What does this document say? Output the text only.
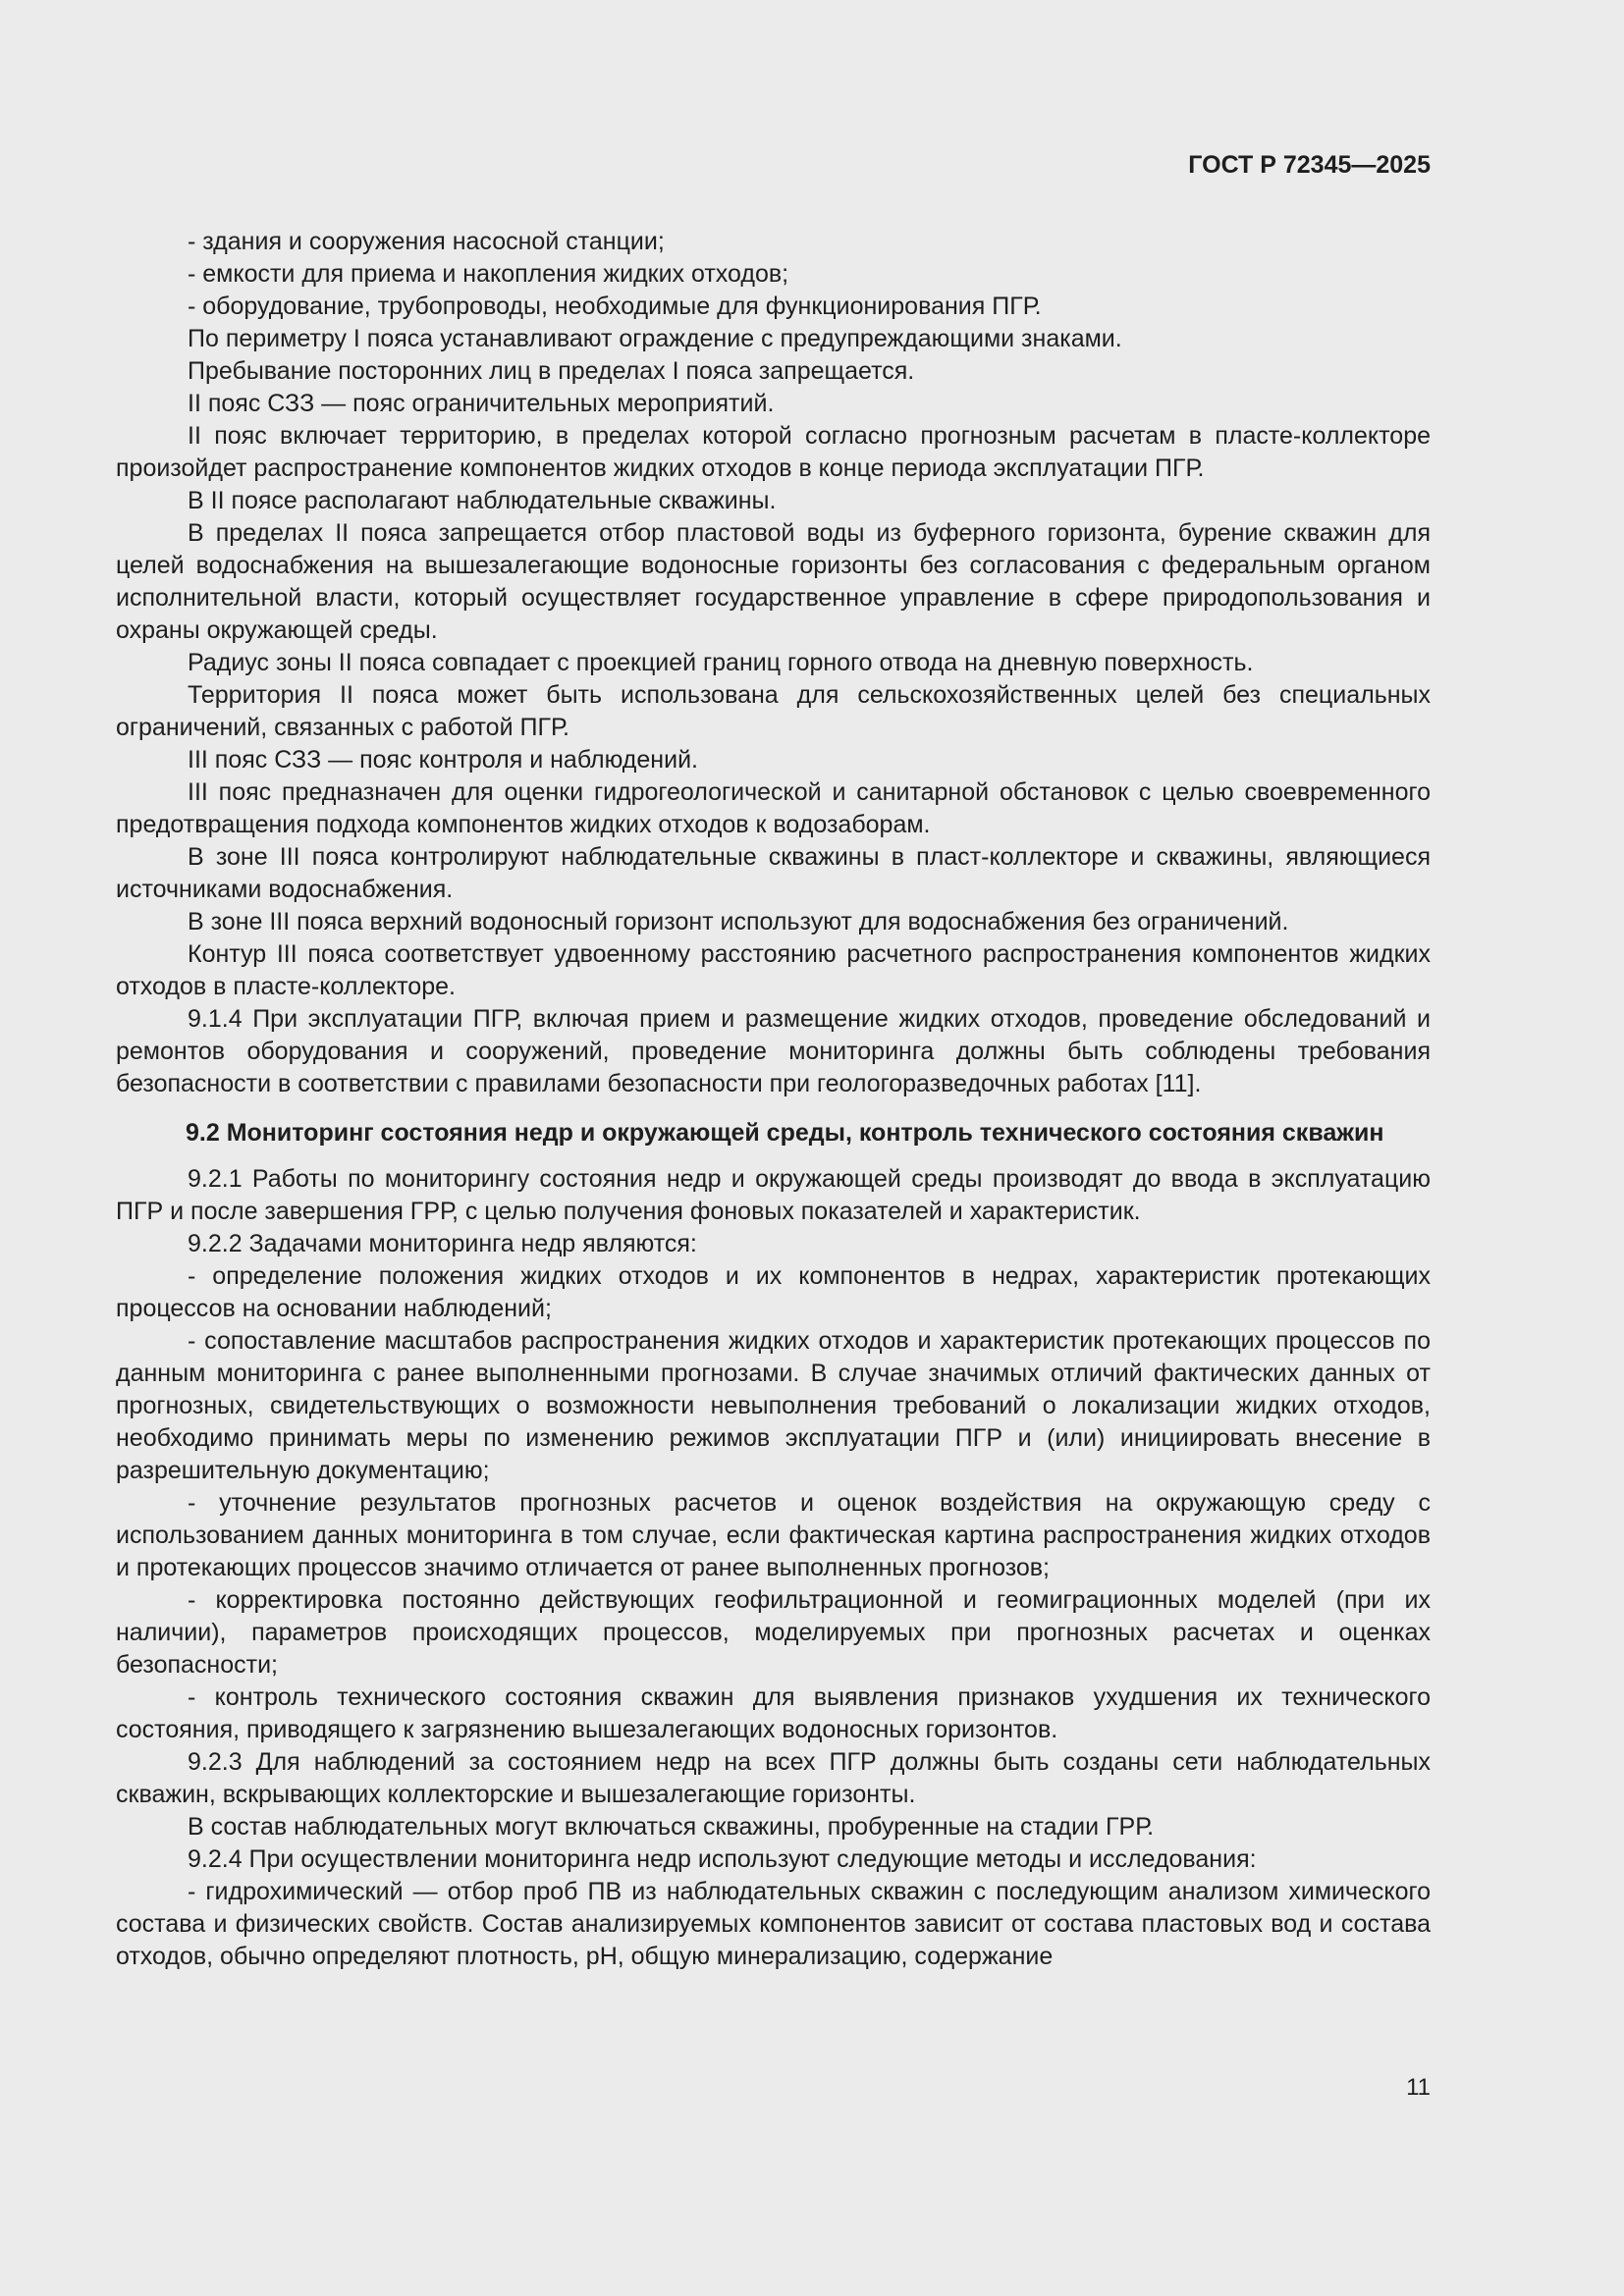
ГОСТ Р 72345—2025

- здания и сооружения насосной станции;

- емкости для приема и накопления жидких отходов;

- оборудование, трубопроводы, необходимые для функционирования ПГР.

По периметру I пояса устанавливают ограждение с предупреждающими знаками.

Пребывание посторонних лиц в пределах I пояса запрещается.

II пояс СЗЗ — пояс ограничительных мероприятий.

II пояс включает территорию, в пределах которой согласно прогнозным расчетам в пласте-коллекторе произойдет распространение компонентов жидких отходов в конце периода эксплуатации ПГР.

В II поясе располагают наблюдательные скважины.

В пределах II пояса запрещается отбор пластовой воды из буферного горизонта, бурение скважин для целей водоснабжения на вышезалегающие водоносные горизонты без согласования с федеральным органом исполнительной власти, который осуществляет государственное управление в сфере природопользования и охраны окружающей среды.

Радиус зоны II пояса совпадает с проекцией границ горного отвода на дневную поверхность.

Территория II пояса может быть использована для сельскохозяйственных целей без специальных ограничений, связанных с работой ПГР.

III пояс СЗЗ — пояс контроля и наблюдений.

III пояс предназначен для оценки гидрогеологической и санитарной обстановок с целью своевременного предотвращения подхода компонентов жидких отходов к водозаборам.

В зоне III пояса контролируют наблюдательные скважины в пласт-коллекторе и скважины, являющиеся источниками водоснабжения.

В зоне III пояса верхний водоносный горизонт используют для водоснабжения без ограничений.

Контур III пояса соответствует удвоенному расстоянию расчетного распространения компонентов жидких отходов в пласте-коллекторе.

9.1.4 При эксплуатации ПГР, включая прием и размещение жидких отходов, проведение обследований и ремонтов оборудования и сооружений, проведение мониторинга должны быть соблюдены требования безопасности в соответствии с правилами безопасности при геологоразведочных работах [11].

9.2 Мониторинг состояния недр и окружающей среды, контроль технического состояния скважин

9.2.1 Работы по мониторингу состояния недр и окружающей среды производят до ввода в эксплуатацию ПГР и после завершения ГРР, с целью получения фоновых показателей и характеристик.

9.2.2 Задачами мониторинга недр являются:

- определение положения жидких отходов и их компонентов в недрах, характеристик протекающих процессов на основании наблюдений;

- сопоставление масштабов распространения жидких отходов и характеристик протекающих процессов по данным мониторинга с ранее выполненными прогнозами. В случае значимых отличий фактических данных от прогнозных, свидетельствующих о возможности невыполнения требований о локализации жидких отходов, необходимо принимать меры по изменению режимов эксплуатации ПГР и (или) инициировать внесение в разрешительную документацию;

- уточнение результатов прогнозных расчетов и оценок воздействия на окружающую среду с использованием данных мониторинга в том случае, если фактическая картина распространения жидких отходов и протекающих процессов значимо отличается от ранее выполненных прогнозов;

- корректировка постоянно действующих геофильтрационной и геомиграционных моделей (при их наличии), параметров происходящих процессов, моделируемых при прогнозных расчетах и оценках безопасности;

- контроль технического состояния скважин для выявления признаков ухудшения их технического состояния, приводящего к загрязнению вышезалегающих водоносных горизонтов.

9.2.3 Для наблюдений за состоянием недр на всех ПГР должны быть созданы сети наблюдательных скважин, вскрывающих коллекторские и вышезалегающие горизонты.

В состав наблюдательных могут включаться скважины, пробуренные на стадии ГРР.

9.2.4 При осуществлении мониторинга недр используют следующие методы и исследования:

- гидрохимический — отбор проб ПВ из наблюдательных скважин с последующим анализом химического состава и физических свойств. Состав анализируемых компонентов зависит от состава пластовых вод и состава отходов, обычно определяют плотность, pH, общую минерализацию, содержание

11
